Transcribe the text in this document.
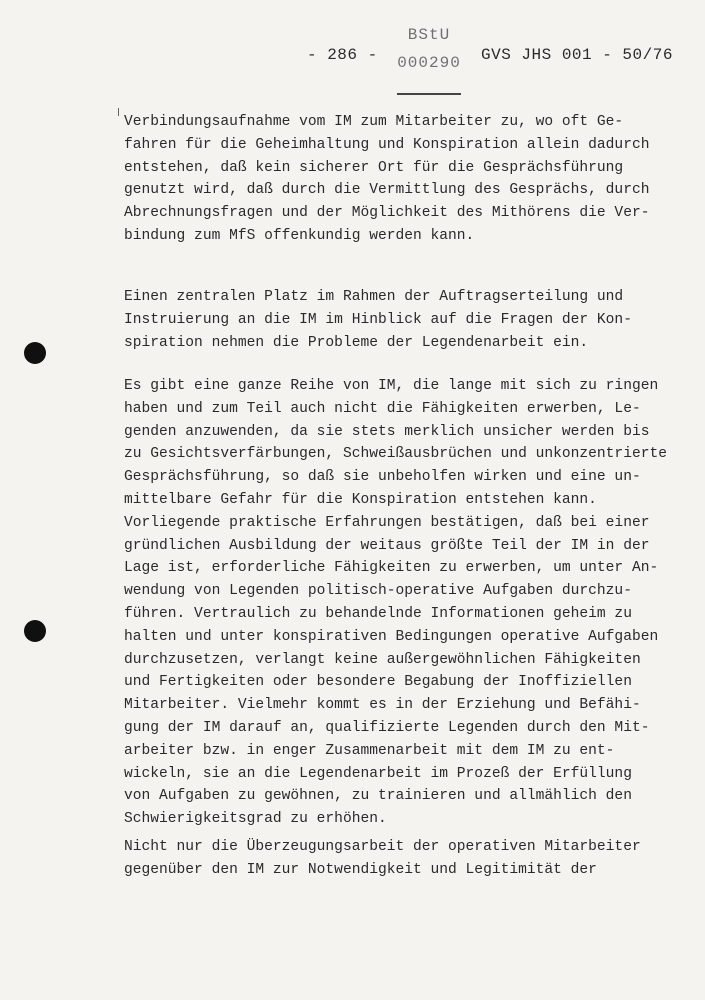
- 286 -
BStU
000290 GVS JHS 001 - 50/76

Verbindungsaufnahme vom IM zum Mitarbeiter zu, wo oft Ge-
fahren für die Geheimhaltung und Konspiration allein dadurch
entstehen, daß kein sicherer Ort für die Gesprächsführung
genutzt wird, daß durch die Vermittlung des Gesprächs, durch
Abrechnungsfragen und der Möglichkeit des Mithörens die Ver-
bindung zum MfS offenkundig werden kann.

Einen zentralen Platz im Rahmen der Auftragserteilung und
Instruierung an die IM im Hinblick auf die Fragen der Kon-
spiration nehmen die Probleme der Legendenarbeit ein.

Es gibt eine ganze Reihe von IM, die lange mit sich zu ringen
haben und zum Teil auch nicht die Fähigkeiten erwerben, Le-
genden anzuwenden, da sie stets merklich unsicher werden bis
zu Gesichtsverfärbungen, Schweißausbrüchen und unkonzentrierte
Gesprächsführung, so daß sie unbeholfen wirken und eine un-
mittelbare Gefahr für die Konspiration entstehen kann.
Vorliegende praktische Erfahrungen bestätigen, daß bei einer
gründlichen Ausbildung der weitaus größte Teil der IM in der
Lage ist, erforderliche Fähigkeiten zu erwerben, um unter An-
wendung von Legenden politisch-operative Aufgaben durchzu-
führen. Vertraulich zu behandelnde Informationen geheim zu
halten und unter konspirativen Bedingungen operative Aufgaben
durchzusetzen, verlangt keine außergewöhnlichen Fähigkeiten
und Fertigkeiten oder besondere Begabung der Inoffiziellen
Mitarbeiter. Vielmehr kommt es in der Erziehung und Befähi-
gung der IM darauf an, qualifizierte Legenden durch den Mit-
arbeiter bzw. in enger Zusammenarbeit mit dem IM zu ent-
wickeln, sie an die Legendenarbeit im Prozeß der Erfüllung
von Aufgaben zu gewöhnen, zu trainieren und allmählich den
Schwierigkeitsgrad zu erhöhen.

Nicht nur die Überzeugungsarbeit der operativen Mitarbeiter
gegenüber den IM zur Notwendigkeit und Legitimität der
